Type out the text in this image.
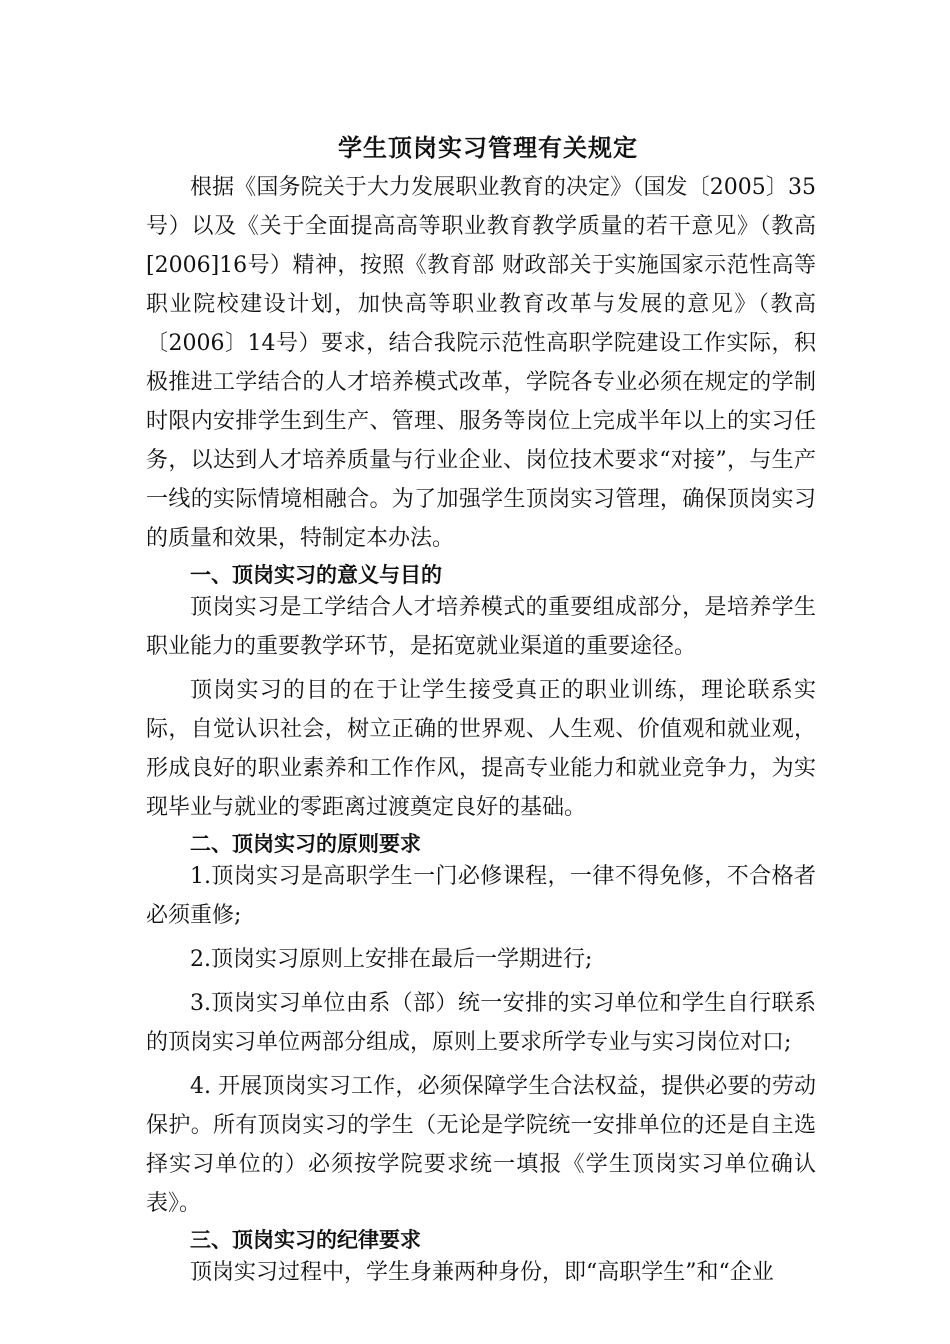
学生顶岗实习管理有关规定

根据《国务院关于大力发展职业教育的决定》（国发〔2005〕35号）以及《关于全面提高高等职业教育教学质量的若干意见》（教高[2006]16号）精神，按照《教育部 财政部关于实施国家示范性高等职业院校建设计划，加快高等职业教育改革与发展的意见》（教高〔2006〕14号）要求，结合我院示范性高职学院建设工作实际，积极推进工学结合的人才培养模式改革，学院各专业必须在规定的学制时限内安排学生到生产、管理、服务等岗位上完成半年以上的实习任务，以达到人才培养质量与行业企业、岗位技术要求“对接”，与生产一线的实际情境相融合。为了加强学生顶岗实习管理，确保顶岗实习的质量和效果，特制定本办法。

一、顶岗实习的意义与目的

顶岗实习是工学结合人才培养模式的重要组成部分，是培养学生职业能力的重要教学环节，是拓宽就业渠道的重要途径。

顶岗实习的目的在于让学生接受真正的职业训练，理论联系实际，自觉认识社会，树立正确的世界观、人生观、价值观和就业观，形成良好的职业素养和工作作风，提高专业能力和就业竞争力，为实现毕业与就业的零距离过渡奠定良好的基础。

二、顶岗实习的原则要求

1.顶岗实习是高职学生一门必修课程，一律不得免修，不合格者必须重修;

2.顶岗实习原则上安排在最后一学期进行;

3.顶岗实习单位由系（部）统一安排的实习单位和学生自行联系的顶岗实习单位两部分组成，原则上要求所学专业与实习岗位对口;

4. 开展顶岗实习工作，必须保障学生合法权益，提供必要的劳动保护。所有顶岗实习的学生（无论是学院统一安排单位的还是自主选择实习单位的）必须按学院要求统一填报《学生顶岗实习单位确认表》。

三、顶岗实习的纪律要求

顶岗实习过程中，学生身兼两种身份，即“高职学生”和“企业
